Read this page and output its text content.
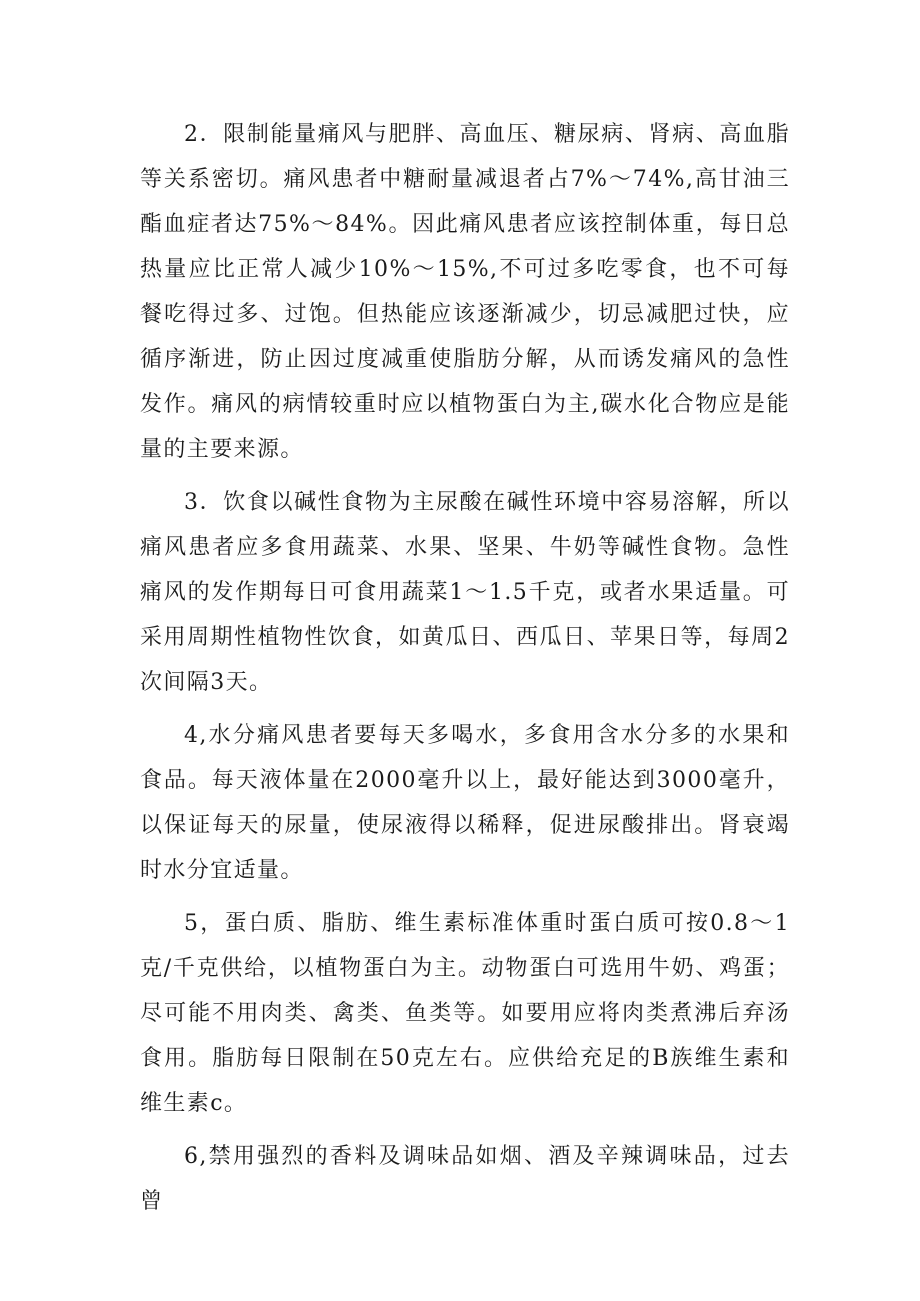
2．限制能量痛风与肥胖、高血压、糖尿病、肾病、高血脂等关系密切。痛风患者中糖耐量减退者占7%～74%,高甘油三酯血症者达75%～84%。因此痛风患者应该控制体重，每日总热量应比正常人减少10%～15%,不可过多吃零食，也不可每餐吃得过多、过饱。但热能应该逐渐减少，切忌减肥过快，应循序渐进，防止因过度减重使脂肪分解，从而诱发痛风的急性发作。痛风的病情较重时应以植物蛋白为主,碳水化合物应是能量的主要来源。

3．饮食以碱性食物为主尿酸在碱性环境中容易溶解，所以痛风患者应多食用蔬菜、水果、坚果、牛奶等碱性食物。急性痛风的发作期每日可食用蔬菜1～1.5千克，或者水果适量。可采用周期性植物性饮食，如黄瓜日、西瓜日、苹果日等，每周2次间隔3天。

4,水分痛风患者要每天多喝水，多食用含水分多的水果和食品。每天液体量在2000毫升以上，最好能达到3000毫升，以保证每天的尿量，使尿液得以稀释，促进尿酸排出。肾衰竭时水分宜适量。

5，蛋白质、脂肪、维生素标准体重时蛋白质可按0.8～1克/千克供给，以植物蛋白为主。动物蛋白可选用牛奶、鸡蛋；尽可能不用肉类、禽类、鱼类等。如要用应将肉类煮沸后弃汤食用。脂肪每日限制在50克左右。应供给充足的B族维生素和维生素c。

6,禁用强烈的香料及调味品如烟、酒及辛辣调味品，过去曾
